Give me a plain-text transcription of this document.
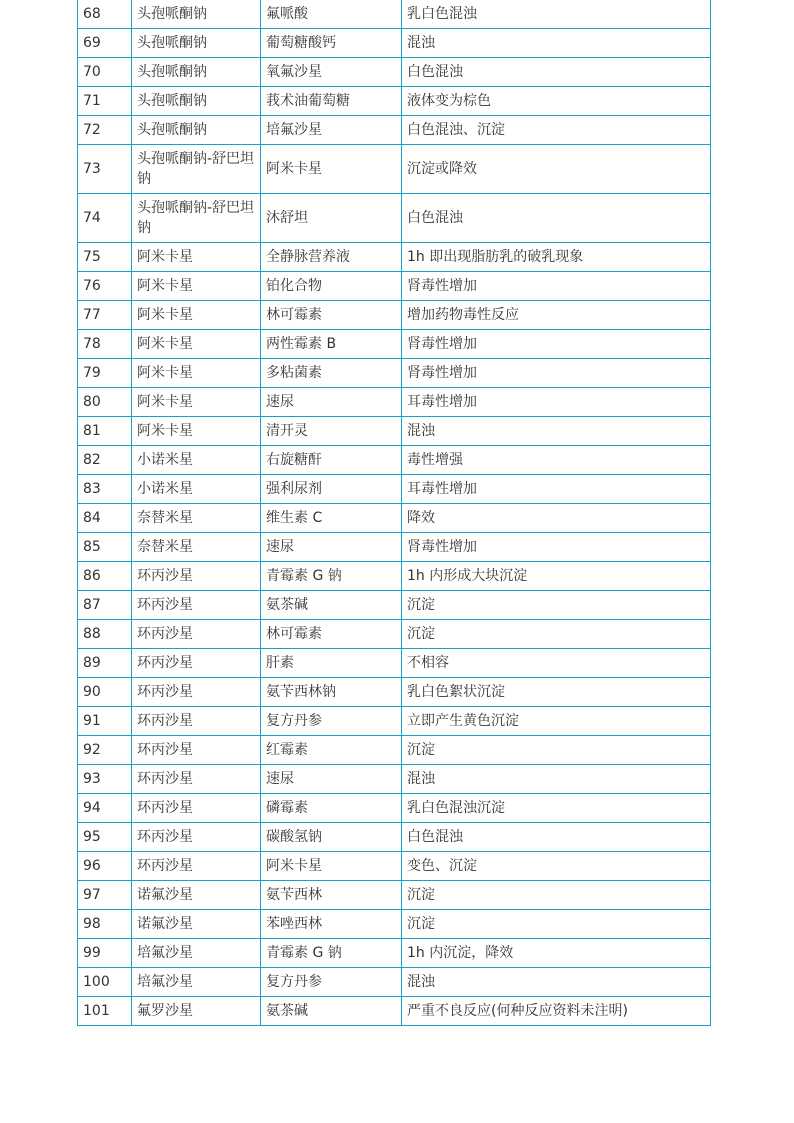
68	头孢哌酮钠	氟哌酸	乳白色混浊
69	头孢哌酮钠	葡萄糖酸钙	混浊
70	头孢哌酮钠	氧氟沙星	白色混浊
71	头孢哌酮钠	莪术油葡萄糖	液体变为棕色
72	头孢哌酮钠	培氟沙星	白色混浊、沉淀
73	头孢哌酮钠-舒巴坦钠	阿米卡星	沉淀或降效
74	头孢哌酮钠-舒巴坦钠	沐舒坦	白色混浊
75	阿米卡星	全静脉营养液	1h 即出现脂肪乳的破乳现象
76	阿米卡星	铂化合物	肾毒性增加
77	阿米卡星	林可霉素	增加药物毒性反应
78	阿米卡星	两性霉素 B	肾毒性增加
79	阿米卡星	多粘菌素	肾毒性增加
80	阿米卡星	速尿	耳毒性增加
81	阿米卡星	清开灵	混浊
82	小诺米星	右旋糖酐	毒性增强
83	小诺米星	强利尿剂	耳毒性增加
84	奈替米星	维生素 C	降效
85	奈替米星	速尿	肾毒性增加
86	环丙沙星	青霉素 G 钠	1h 内形成大块沉淀
87	环丙沙星	氨茶碱	沉淀
88	环丙沙星	林可霉素	沉淀
89	环丙沙星	肝素	不相容
90	环丙沙星	氨苄西林钠	乳白色絮状沉淀
91	环丙沙星	复方丹参	立即产生黄色沉淀
92	环丙沙星	红霉素	沉淀
93	环丙沙星	速尿	混浊
94	环丙沙星	磷霉素	乳白色混浊沉淀
95	环丙沙星	碳酸氢钠	白色混浊
96	环丙沙星	阿米卡星	变色、沉淀
97	诺氟沙星	氨苄西林	沉淀
98	诺氟沙星	苯唑西林	沉淀
99	培氟沙星	青霉素 G 钠	1h 内沉淀，降效
100	培氟沙星	复方丹参	混浊
101	氟罗沙星	氨茶碱	严重不良反应(何种反应资料未注明)
